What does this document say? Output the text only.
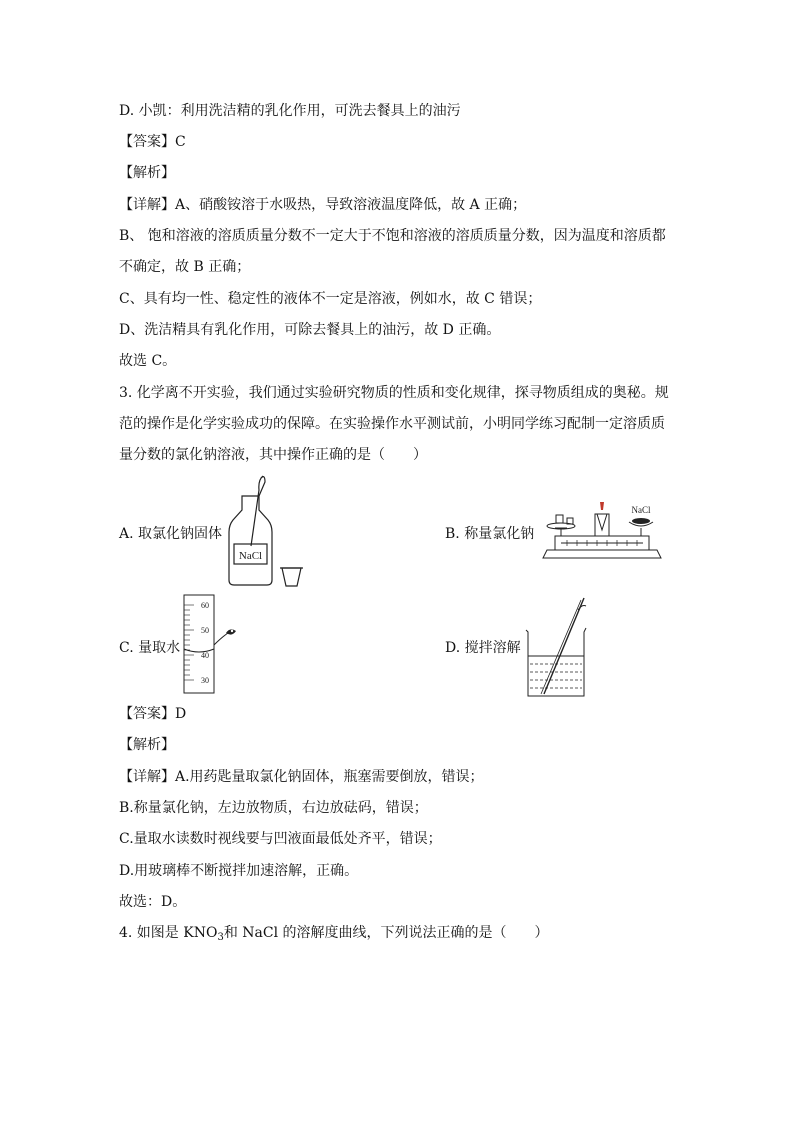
D. 小凯：利用洗洁精的乳化作用，可洗去餐具上的油污
【答案】C
【解析】
【详解】A、硝酸铵溶于水吸热，导致溶液温度降低，故 A 正确；
B、 饱和溶液的溶质质量分数不一定大于不饱和溶液的溶质质量分数，因为温度和溶质都
不确定，故 B 正确；
C、具有均一性、稳定性的液体不一定是溶液，例如水，故 C 错误；
D、洗洁精具有乳化作用，可除去餐具上的油污，故 D 正确。
故选 C。
3. 化学离不开实验，我们通过实验研究物质的性质和变化规律，探寻物质组成的奥秘。规
范的操作是化学实验成功的保障。在实验操作水平测试前，小明同学练习配制一定溶质质
量分数的氯化钠溶液，其中操作正确的是（　　）
A. 取氯化钠固体
NaCl
B. 称量氯化钠
NaCl
C. 量取水
60
50
40
30
D. 搅拌溶解
【答案】D
【解析】
【详解】A.用药匙量取氯化钠固体，瓶塞需要倒放，错误；
B.称量氯化钠，左边放物质，右边放砝码，错误；
C.量取水读数时视线要与凹液面最低处齐平，错误；
D.用玻璃棒不断搅拌加速溶解，正确。
故选：D。
4. 如图是 $KNO_3$和 NaCl 的溶解度曲线，下列说法正确的是（　　）
